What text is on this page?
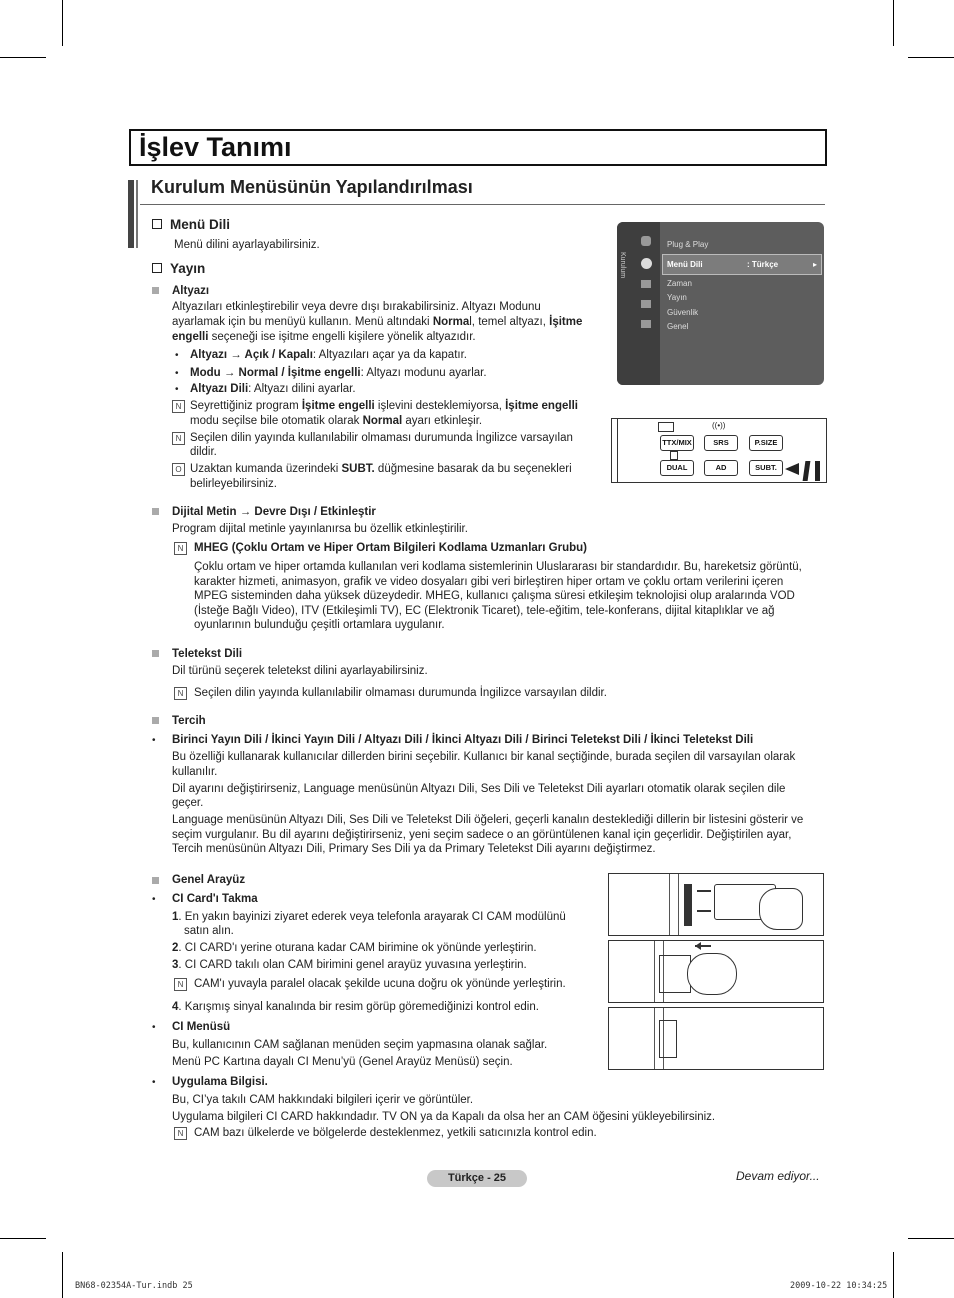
İşlev Tanımı
Kurulum Menüsünün Yapılandırılması
Menü Dili
Menü dilini ayarlayabilirsiniz.
Yayın
Altyazı
Altyazıları etkinleştirebilir veya devre dışı bırakabilirsiniz. Altyazı Modunu
ayarlamak için bu menüyü kullanın. Menü altındaki Normal, temel altyazı, İşitme
engelli seçeneği ise işitme engelli kişilere yönelik altyazıdır.
• Altyazı → Açık / Kapalı: Altyazıları açar ya da kapatır.
• Modu → Normal / İşitme engelli: Altyazı modunu ayarlar.
• Altyazı Dili: Altyazı dilini ayarlar.
N Seyrettiğiniz program İşitme engelli işlevini desteklemiyorsa, İşitme engelli
modu seçilse bile otomatik olarak Normal ayarı etkinleşir.
N Seçilen dilin yayında kullanılabilir olmaması durumunda İngilizce varsayılan
dildir.
O Uzaktan kumanda üzerindeki SUBT. düğmesine basarak da bu seçenekleri
belirleyebilirsiniz.
Kurulum
Plug & Play
Menü Dili	: Türkçe	▸
Zaman
Yayın
Güvenlik
Genel
((•))
TTX/MIX	SRS	P.SIZE
DUAL	AD	SUBT.
Dijital Metin → Devre Dışı / Etkinleştir
Program dijital metinle yayınlanırsa bu özellik etkinleştirilir.
N MHEG (Çoklu Ortam ve Hiper Ortam Bilgileri Kodlama Uzmanları Grubu)
Çoklu ortam ve hiper ortamda kullanılan veri kodlama sistemlerinin Uluslararası bir standardıdır. Bu, hareketsiz görüntü,
karakter hizmeti, animasyon, grafik ve video dosyaları gibi veri birleştiren hiper ortam ve çoklu ortam verilerini içeren
MPEG sisteminden daha yüksek düzeydedir. MHEG, kullanıcı çalışma süresi etkileşim teknolojisi olup aralarında VOD
(İsteğe Bağlı Video), ITV (Etkileşimli TV), EC (Elektronik Ticaret), tele-eğitim, tele-konferans, dijital kitaplıklar ve ağ
oyunlarının bulunduğu çeşitli ortamlara uygulanır.
Teletekst Dili
Dil türünü seçerek teletekst dilini ayarlayabilirsiniz.
N Seçilen dilin yayında kullanılabilir olmaması durumunda İngilizce varsayılan dildir.
Tercih
• Birinci Yayın Dili / İkinci Yayın Dili / Altyazı Dili / İkinci Altyazı Dili / Birinci Teletekst Dili / İkinci Teletekst Dili
Bu özelliği kullanarak kullanıcılar dillerden birini seçebilir. Kullanıcı bir kanal seçtiğinde, burada seçilen dil varsayılan olarak
kullanılır.
Dil ayarını değiştirirseniz, Language menüsünün Altyazı Dili, Ses Dili ve Teletekst Dili ayarları otomatik olarak seçilen dile
geçer.
Language menüsünün Altyazı Dili, Ses Dili ve Teletekst Dili öğeleri, geçerli kanalın desteklediği dillerin bir listesini gösterir ve
seçim vurgulanır. Bu dil ayarını değiştirirseniz, yeni seçim sadece o an görüntülenen kanal için geçerlidir. Değiştirilen ayar,
Tercih menüsünün Altyazı Dili, Primary Ses Dili ya da Primary Teletekst Dili ayarını değiştirmez.
Genel Arayüz
• CI Card'ı Takma
1. En yakın bayinizi ziyaret ederek veya telefonla arayarak CI CAM modülünü
satın alın.
2. CI CARD'ı yerine oturana kadar CAM birimine ok yönünde yerleştirin.
3. CI CARD takılı olan CAM birimini genel arayüz yuvasına yerleştirin.
N CAM'ı yuvayla paralel olacak şekilde ucuna doğru ok yönünde yerleştirin.
4. Karışmış sinyal kanalında bir resim görüp göremediğinizi kontrol edin.
• CI Menüsü
Bu, kullanıcının CAM sağlanan menüden seçim yapmasına olanak sağlar.
Menü PC Kartına dayalı CI Menu’yü (Genel Arayüz Menüsü) seçin.
• Uygulama Bilgisi.
Bu, CI’ya takılı CAM hakkındaki bilgileri içerir ve görüntüler.
Uygulama bilgileri CI CARD hakkındadır. TV ON ya da Kapalı da olsa her an CAM öğesini yükleyebilirsiniz.
N CAM bazı ülkelerde ve bölgelerde desteklenmez, yetkili satıcınızla kontrol edin.
Türkçe - 25	Devam ediyor...
BN68-02354A-Tur.indb 25	2009-10-22 10:34:25
